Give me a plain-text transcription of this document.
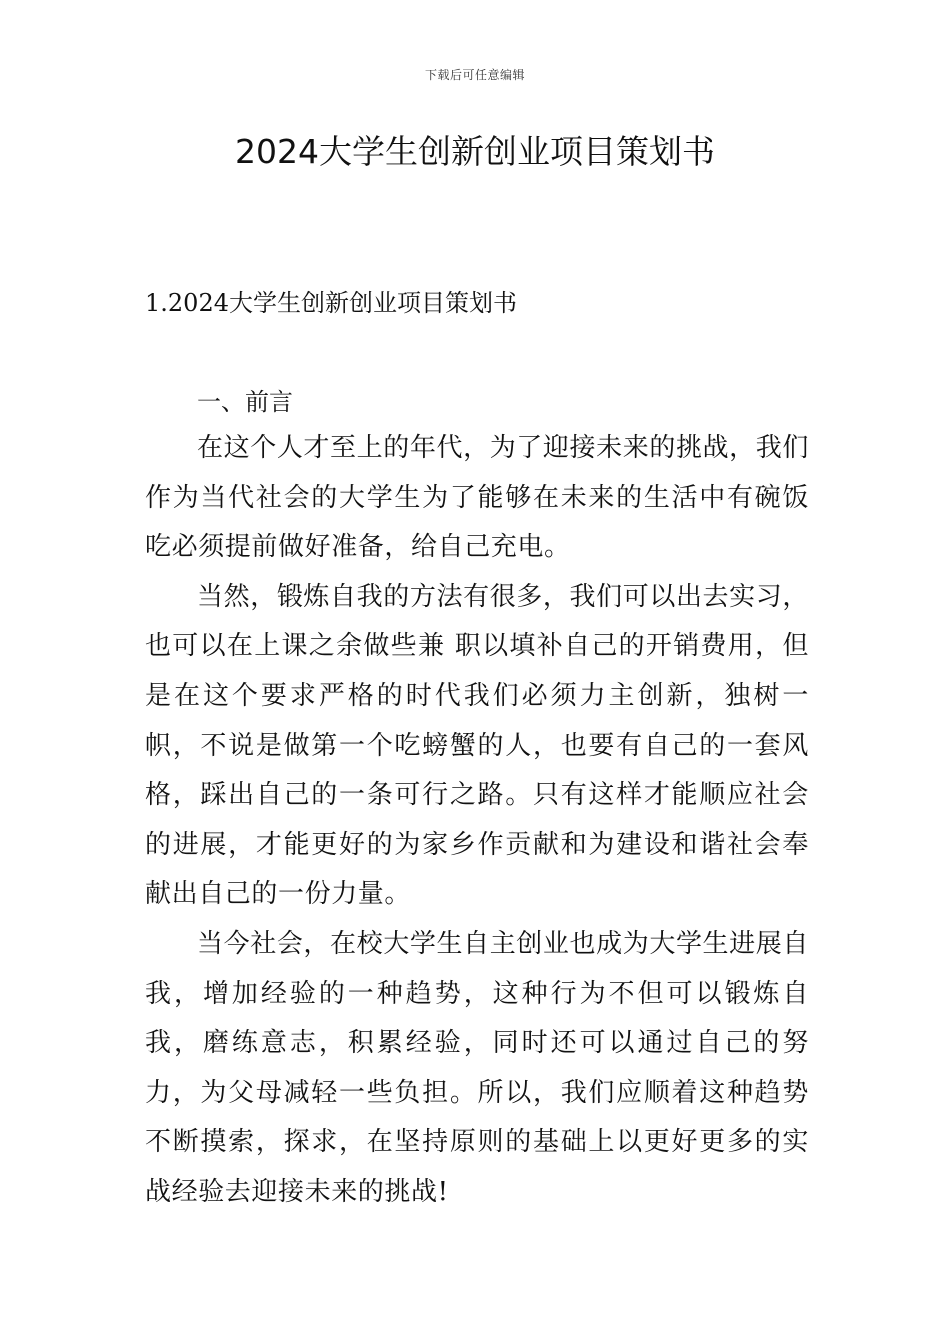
下载后可任意编辑
2024大学生创新创业项目策划书
1.2024大学生创新创业项目策划书
一、前言

在这个人才至上的年代，为了迎接未来的挑战，我们作为当代社会的大学生为了能够在未来的生活中有碗饭吃必须提前做好准备，给自己充电。

当然，锻炼自我的方法有很多，我们可以出去实习，也可以在上课之余做些兼 职以填补自己的开销费用，但是在这个要求严格的时代我们必须力主创新，独树一帜，不说是做第一个吃螃蟹的人，也要有自己的一套风格，踩出自己的一条可行之路。只有这样才能顺应社会的进展，才能更好的为家乡作贡献和为建设和谐社会奉献出自己的一份力量。

当今社会，在校大学生自主创业也成为大学生进展自我，增加经验的一种趋势，这种行为不但可以锻炼自我，磨练意志，积累经验，同时还可以通过自己的努力，为父母减轻一些负担。所以，我们应顺着这种趋势不断摸索，探求，在坚持原则的基础上以更好更多的实战经验去迎接未来的挑战!
